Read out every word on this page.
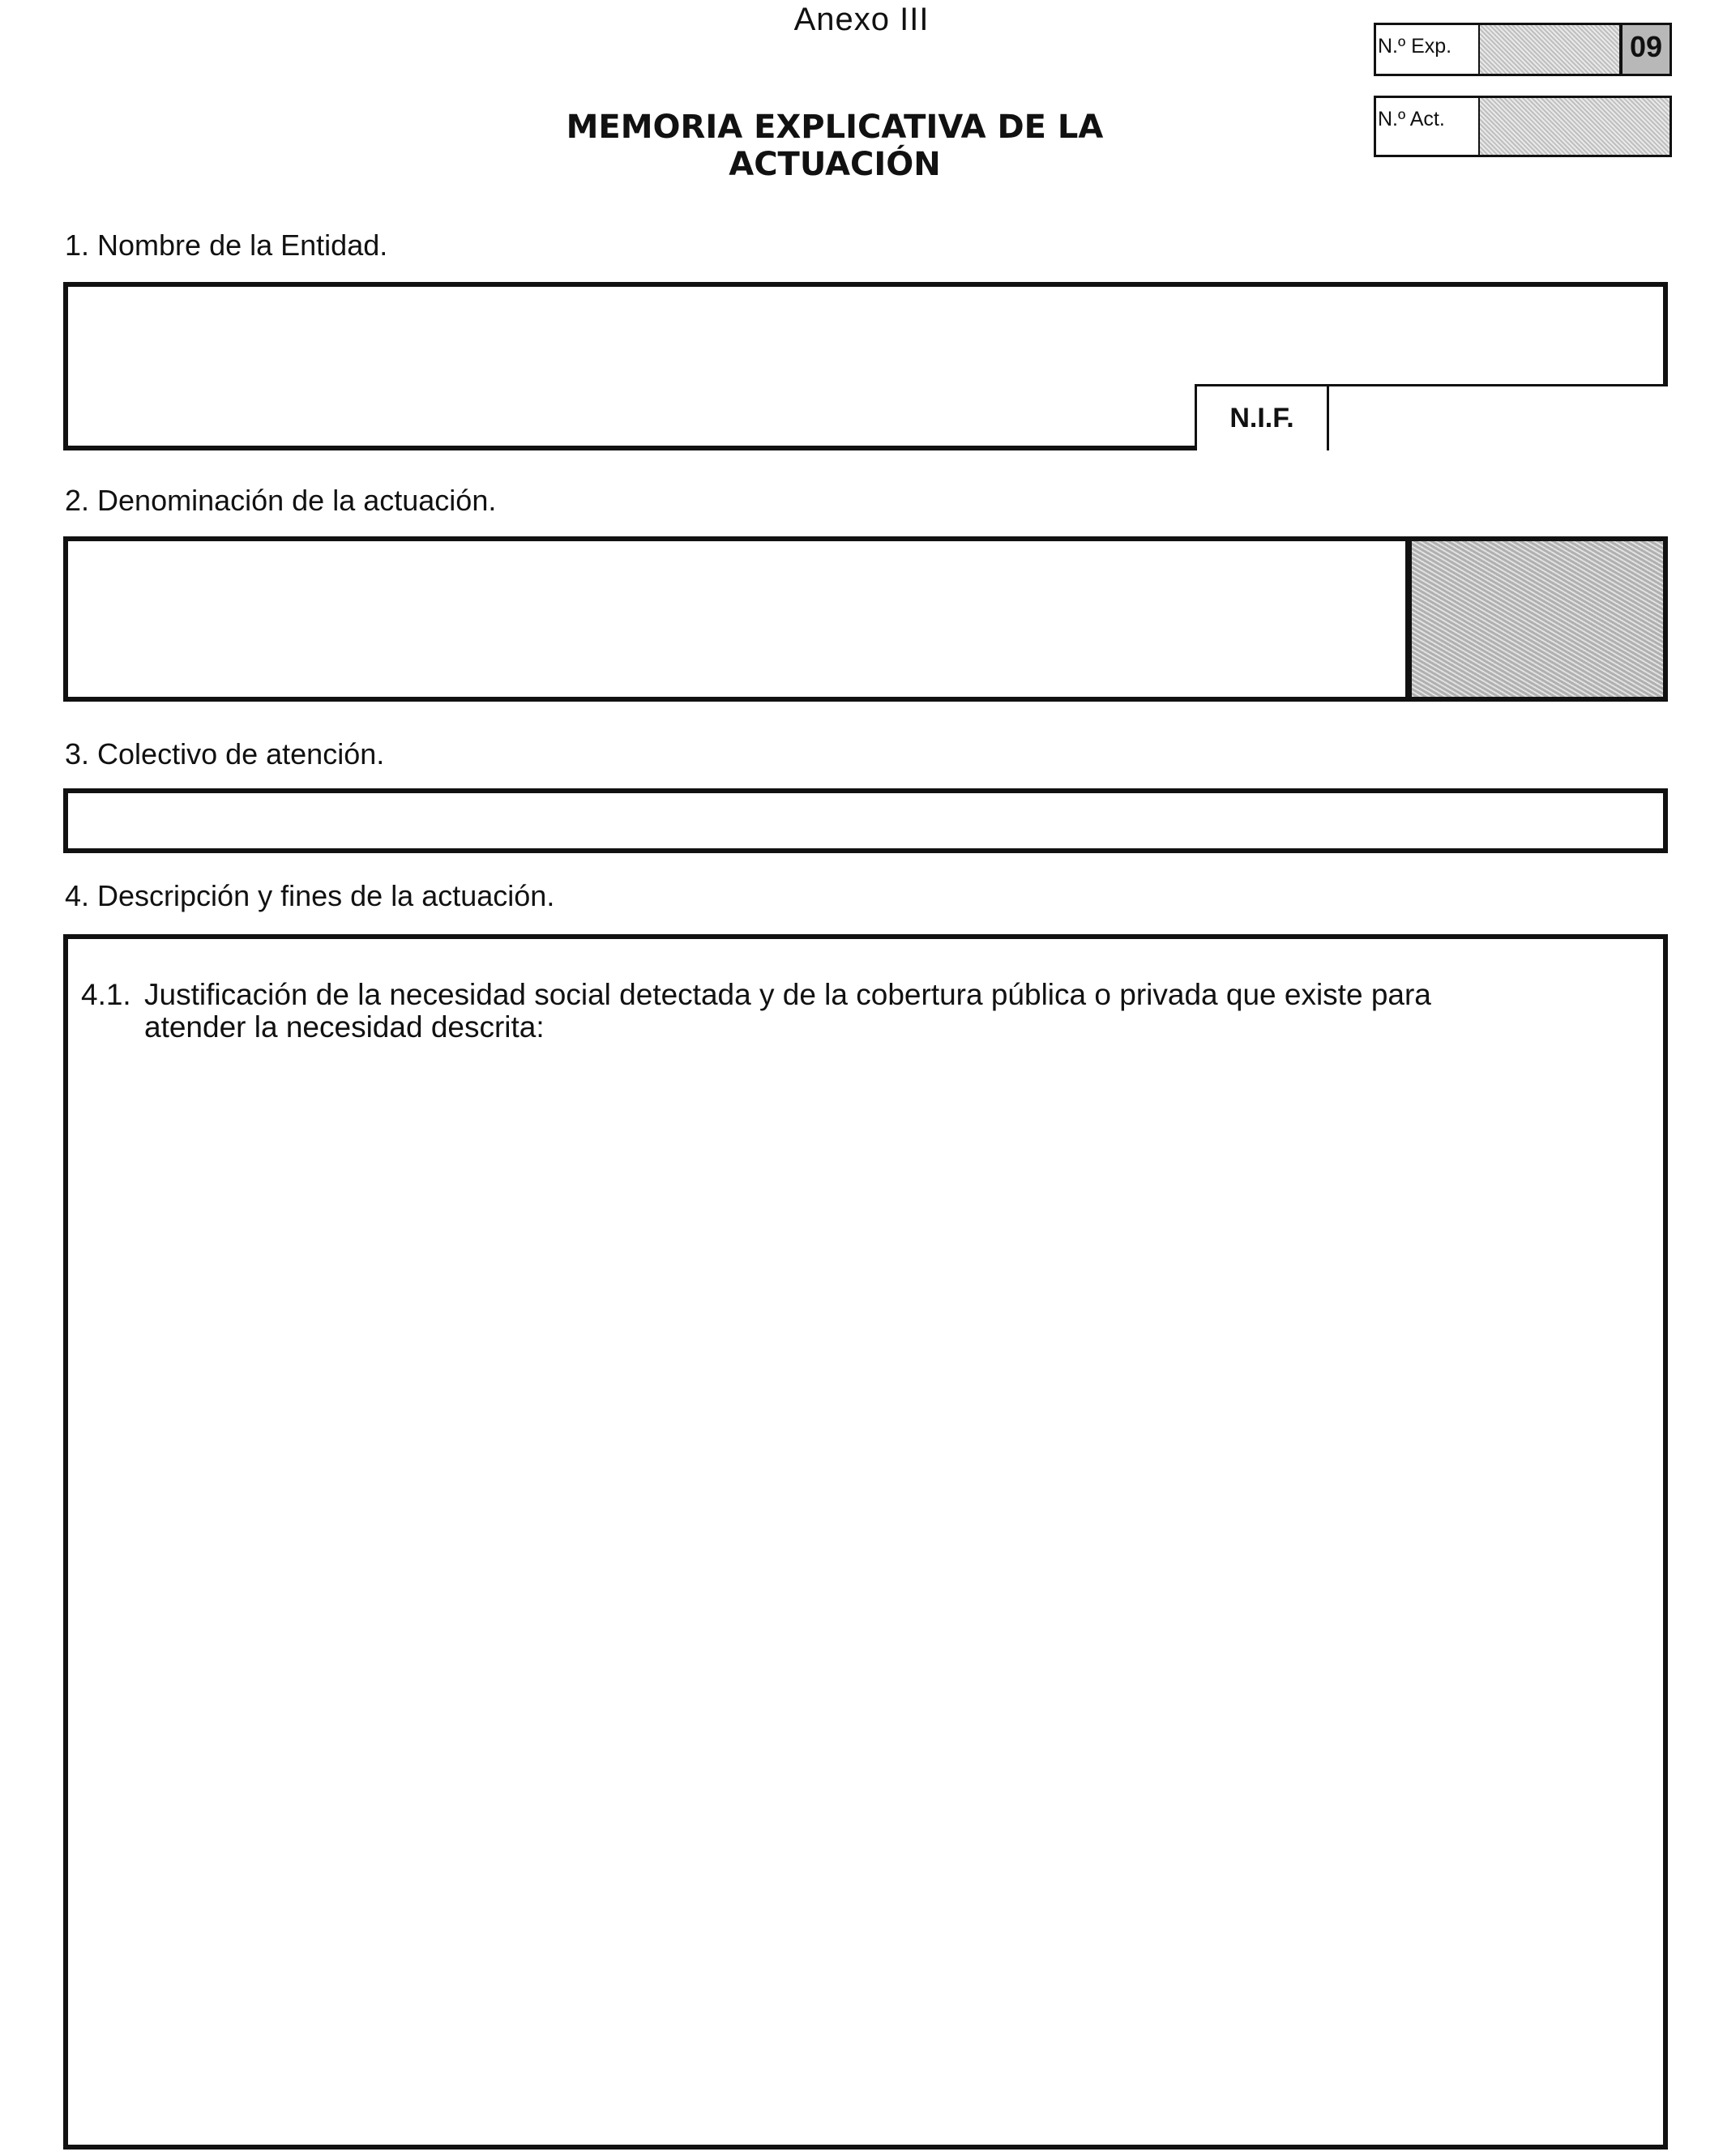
Anexo III
MEMORIA EXPLICATIVA DE LA ACTUACIÓN
N.º Exp.	09
N.º Act.
1. Nombre de la Entidad.
N.I.F.
2. Denominación de la actuación.
3. Colectivo de atención.
4. Descripción y fines de la actuación.
4.1. Justificación de la necesidad social detectada y de la cobertura pública o privada que existe para
atender la necesidad descrita:
